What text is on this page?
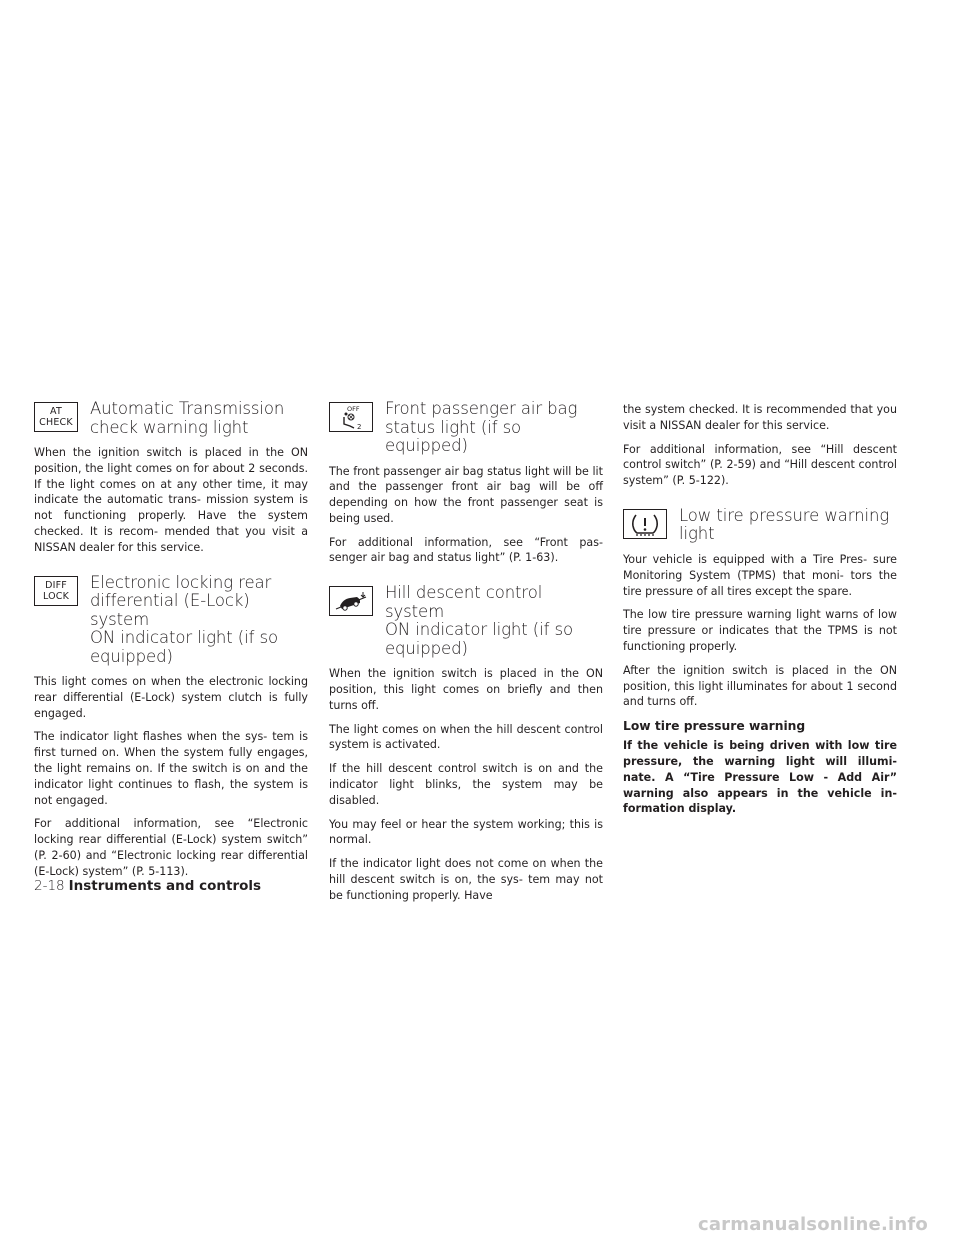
AT
CHECK
Automatic Transmission
check warning light

When the ignition switch is placed in the ON position, the light comes on for about 2 seconds. If the light comes on at any other time, it may indicate the automatic trans- mission system is not functioning properly. Have the system checked. It is recom- mended that you visit a NISSAN dealer for this service.

DIFF
LOCK
Electronic locking rear
differential (E-Lock) system
ON indicator light (if so
equipped)

This light comes on when the electronic locking rear differential (E-Lock) system clutch is fully engaged.

The indicator light flashes when the sys- tem is first turned on. When the system fully engages, the light remains on. If the switch is on and the indicator light continues to flash, the system is not engaged.

For additional information, see “Electronic locking rear differential (E-Lock) system switch” (P. 2-60) and “Electronic locking rear differential (E-Lock) system” (P. 5-113).

OFF
2
Front passenger air bag
status light (if so equipped)

The front passenger air bag status light will be lit and the passenger front air bag will be off depending on how the front passenger seat is being used.

For additional information, see “Front pas- senger air bag and status light” (P. 1-63).

Hill descent control system
ON indicator light (if so
equipped)

When the ignition switch is placed in the ON position, this light comes on briefly and then turns off.

The light comes on when the hill descent control system is activated.

If the hill descent control switch is on and the indicator light blinks, the system may be disabled.

You may feel or hear the system working; this is normal.

If the indicator light does not come on when the hill descent switch is on, the sys- tem may not be functioning properly. Have

the system checked. It is recommended that you visit a NISSAN dealer for this service.

For additional information, see “Hill descent control switch” (P. 2-59) and “Hill descent control system” (P. 5-122).

Low tire pressure warning
light

Your vehicle is equipped with a Tire Pres- sure Monitoring System (TPMS) that moni- tors the tire pressure of all tires except the spare.

The low tire pressure warning light warns of low tire pressure or indicates that the TPMS is not functioning properly.

After the ignition switch is placed in the ON position, this light illuminates for about 1 second and turns off.

Low tire pressure warning

If the vehicle is being driven with low tire pressure, the warning light will illumi- nate. A “Tire Pressure Low - Add Air” warning also appears in the vehicle in- formation display.

2-18 Instruments and controls
carmanualsonline.info
